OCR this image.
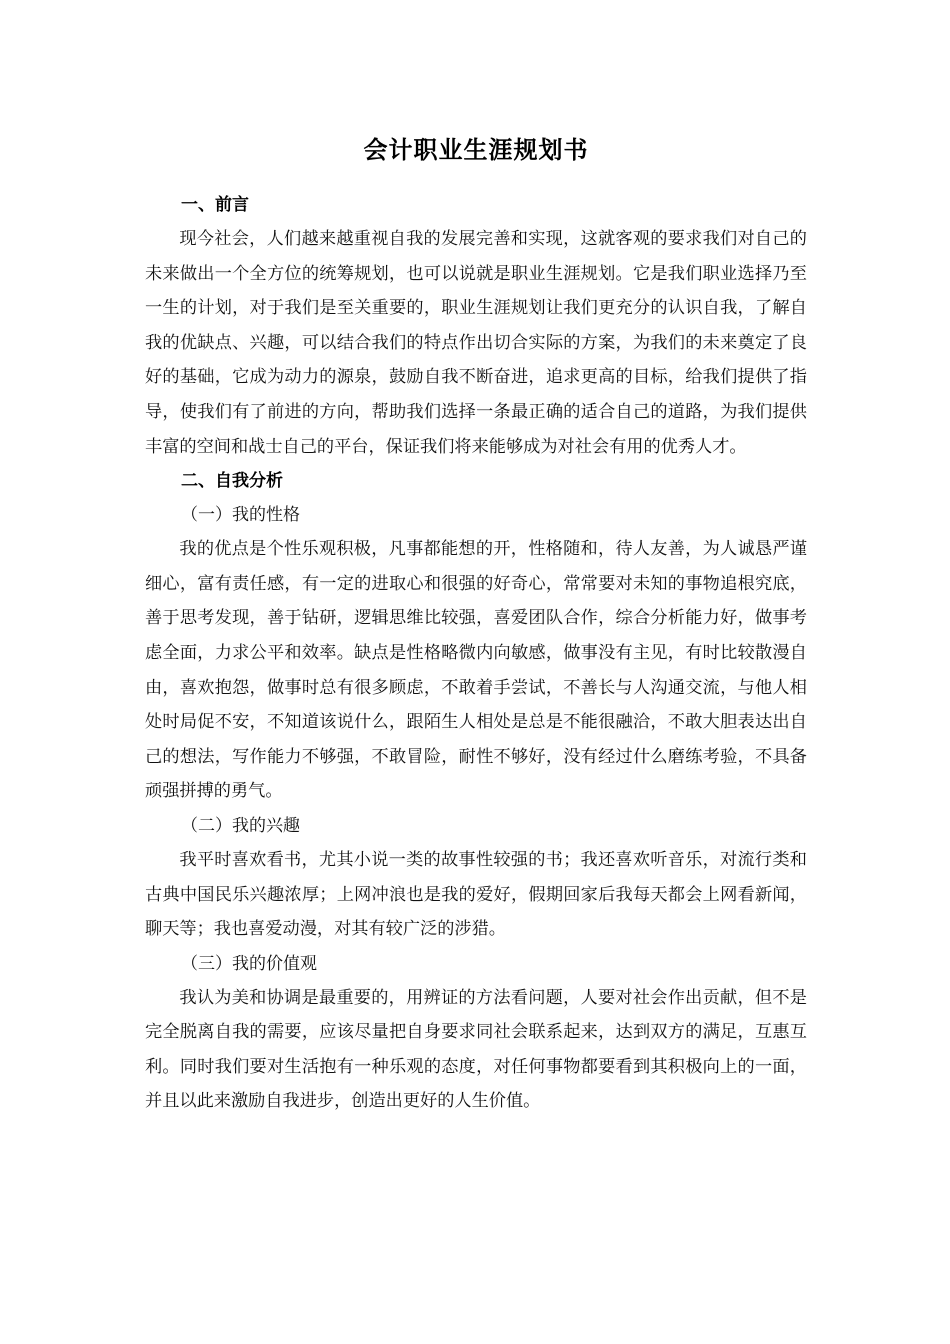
会计职业生涯规划书

一、前言

现今社会，人们越来越重视自我的发展完善和实现，这就客观的要求我们对自己的未来做出一个全方位的统筹规划，也可以说就是职业生涯规划。它是我们职业选择乃至一生的计划，对于我们是至关重要的，职业生涯规划让我们更充分的认识自我，了解自我的优缺点、兴趣，可以结合我们的特点作出切合实际的方案，为我们的未来奠定了良好的基础，它成为动力的源泉，鼓励自我不断奋进，追求更高的目标，给我们提供了指导，使我们有了前进的方向，帮助我们选择一条最正确的适合自己的道路，为我们提供丰富的空间和战士自己的平台，保证我们将来能够成为对社会有用的优秀人才。

二、自我分析

（一）我的性格

我的优点是个性乐观积极，凡事都能想的开，性格随和，待人友善，为人诚恳严谨细心，富有责任感，有一定的进取心和很强的好奇心，常常要对未知的事物追根究底，善于思考发现，善于钻研，逻辑思维比较强，喜爱团队合作，综合分析能力好，做事考虑全面，力求公平和效率。缺点是性格略微内向敏感，做事没有主见，有时比较散漫自由，喜欢抱怨，做事时总有很多顾虑，不敢着手尝试，不善长与人沟通交流，与他人相处时局促不安，不知道该说什么，跟陌生人相处是总是不能很融洽，不敢大胆表达出自己的想法，写作能力不够强，不敢冒险，耐性不够好，没有经过什么磨练考验，不具备顽强拼搏的勇气。

（二）我的兴趣

我平时喜欢看书，尤其小说一类的故事性较强的书；我还喜欢听音乐，对流行类和古典中国民乐兴趣浓厚；上网冲浪也是我的爱好，假期回家后我每天都会上网看新闻，聊天等；我也喜爱动漫，对其有较广泛的涉猎。

（三）我的价值观

我认为美和协调是最重要的，用辨证的方法看问题，人要对社会作出贡献，但不是完全脱离自我的需要，应该尽量把自身要求同社会联系起来，达到双方的满足，互惠互利。同时我们要对生活抱有一种乐观的态度，对任何事物都要看到其积极向上的一面，并且以此来激励自我进步，创造出更好的人生价值。
